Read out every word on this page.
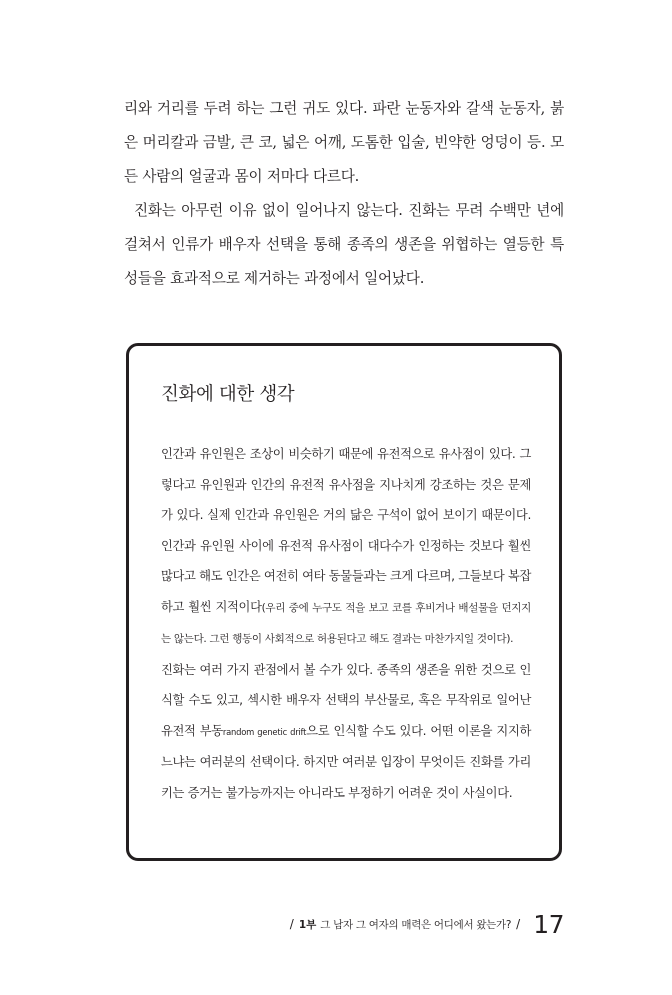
리와 거리를 두려 하는 그런 귀도 있다. 파란 눈동자와 갈색 눈동자, 붉은 머리칼과 금발, 큰 코, 넓은 어깨, 도톰한 입술, 빈약한 엉덩이 등. 모든 사람의 얼굴과 몸이 저마다 다르다.

진화는 아무런 이유 없이 일어나지 않는다. 진화는 무려 수백만 년에 걸쳐서 인류가 배우자 선택을 통해 종족의 생존을 위협하는 열등한 특성들을 효과적으로 제거하는 과정에서 일어났다.

진화에 대한 생각

인간과 유인원은 조상이 비슷하기 때문에 유전적으로 유사점이 있다. 그렇다고 유인원과 인간의 유전적 유사점을 지나치게 강조하는 것은 문제가 있다. 실제 인간과 유인원은 거의 닮은 구석이 없어 보이기 때문이다. 인간과 유인원 사이에 유전적 유사점이 대다수가 인정하는 것보다 훨씬 많다고 해도 인간은 여전히 여타 동물들과는 크게 다르며, 그들보다 복잡하고 훨씬 지적이다(우리 중에 누구도 적을 보고 코를 후비거나 배설물을 던지지는 않는다. 그런 행동이 사회적으로 허용된다고 해도 결과는 마찬가지일 것이다).

진화는 여러 가지 관점에서 볼 수가 있다. 종족의 생존을 위한 것으로 인식할 수도 있고, 섹시한 배우자 선택의 부산물로, 혹은 무작위로 일어난 유전적 부동random genetic drift으로 인식할 수도 있다. 어떤 이론을 지지하느냐는 여러분의 선택이다. 하지만 여러분 입장이 무엇이든 진화를 가리키는 증거는 불가능까지는 아니라도 부정하기 어려운 것이 사실이다.

/ 1부 그 남자 그 여자의 매력은 어디에서 왔는가? / 17
